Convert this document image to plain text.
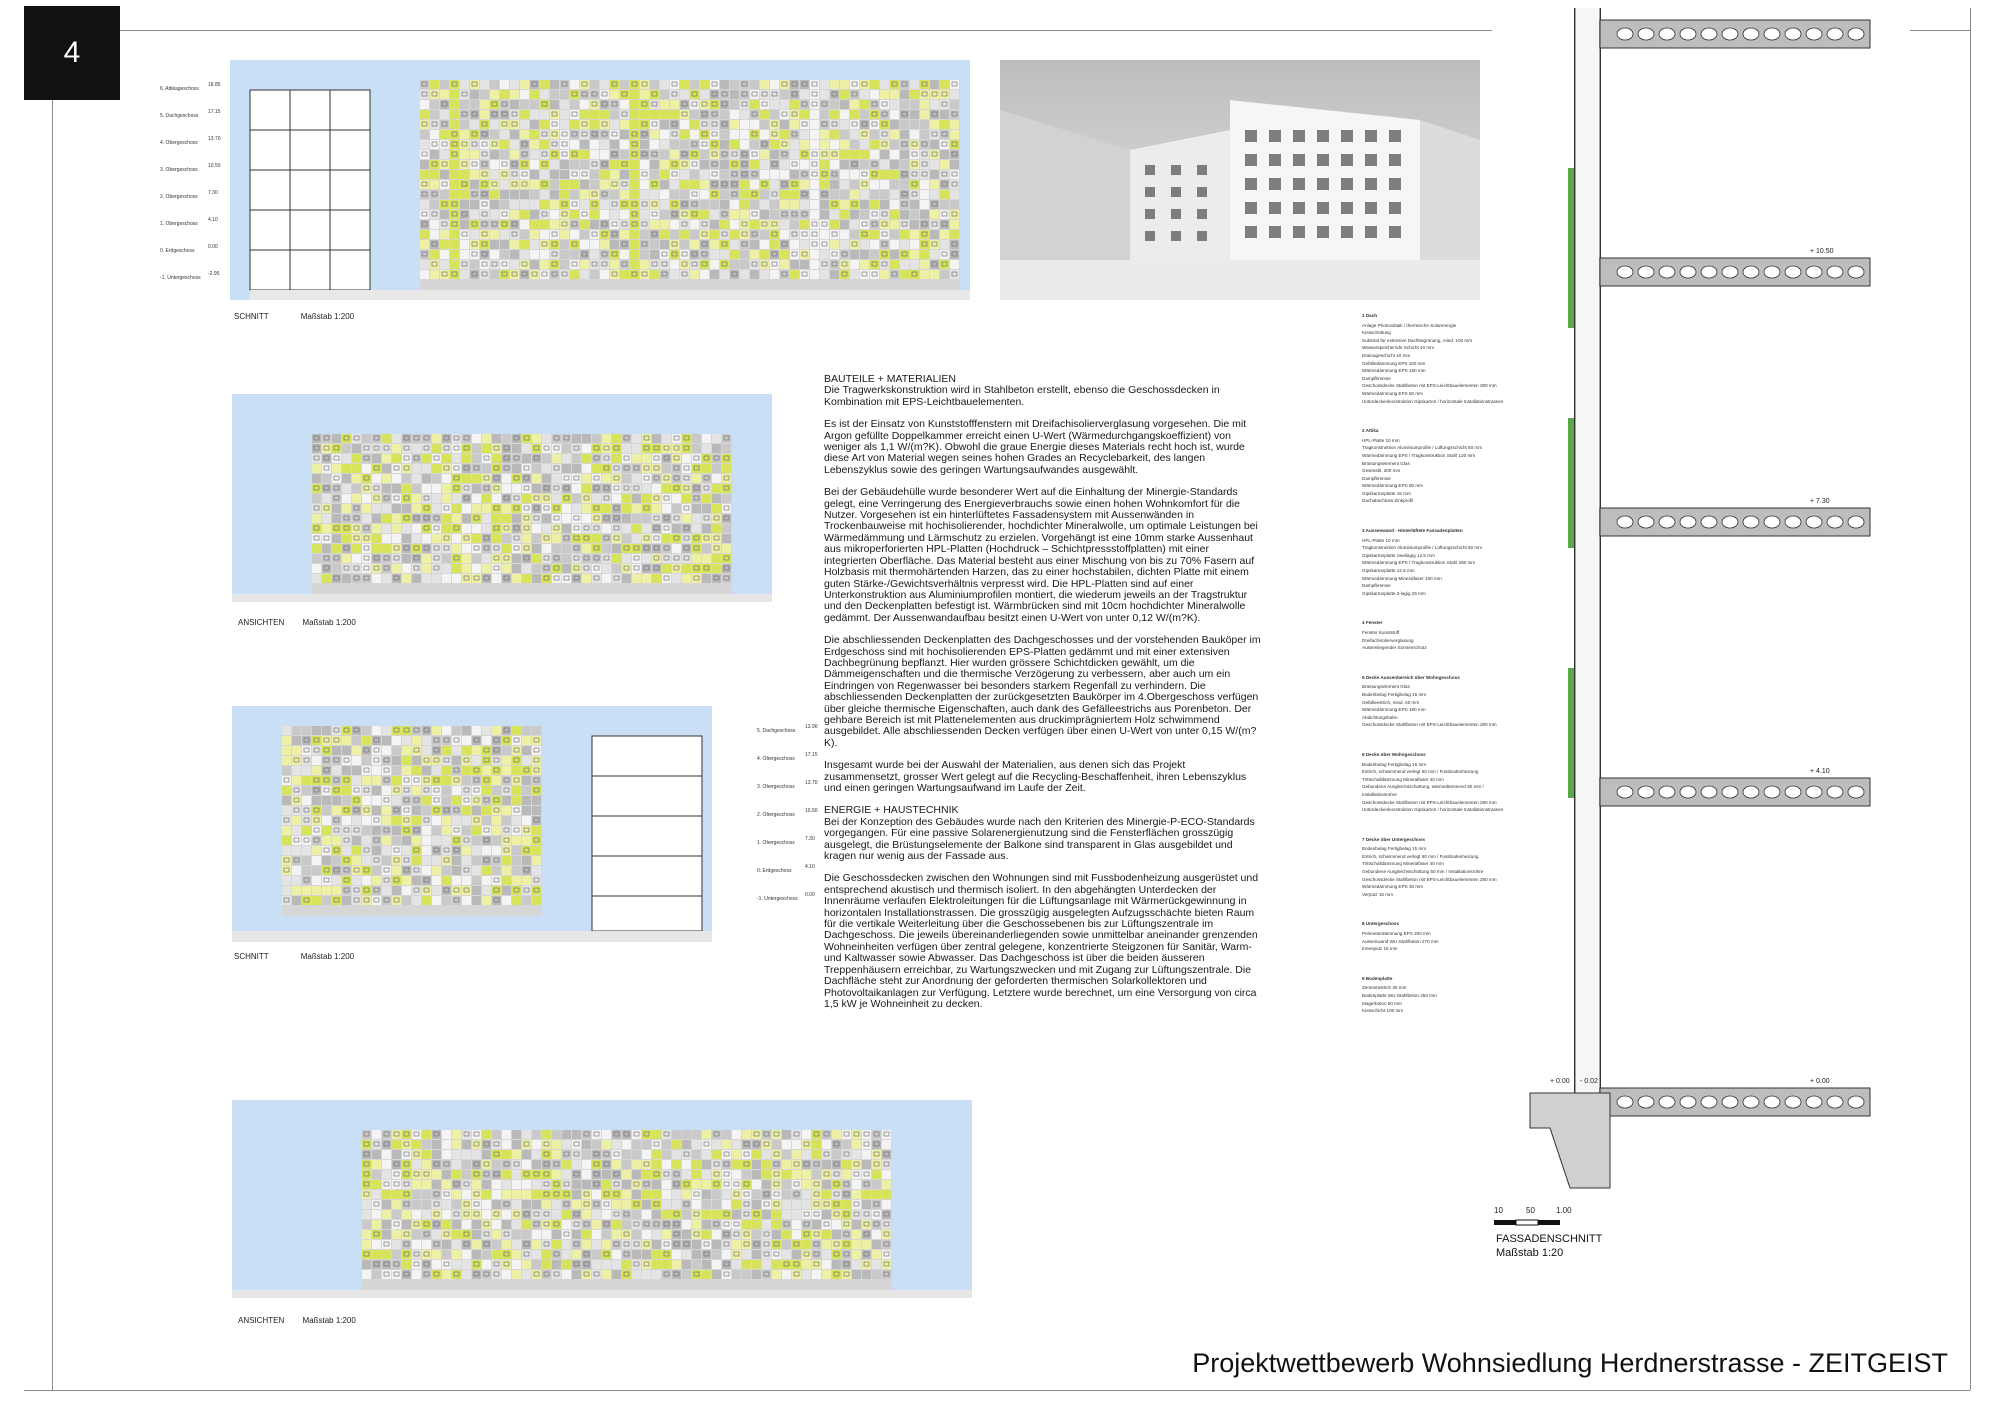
4
6. Attikageschoss
18.85
5. Dachgeschoss
17.15
4. Obergeschoss
13.70
3. Obergeschoss
10.50
2. Obergeschoss
7.30
1. Obergeschoss
4.10
0. Erdgeschoss
0.00
-1. Untergeschoss
-2.95
SCHNITT	Maßstab 1:200
ANSICHTEN Maßstab 1:200
5. Dachgeschoss
13.90
4. Obergeschoss
17.15
3. Obergeschoss
13.70
2. Obergeschoss
10.50
1. Obergeschoss
7.30
0. Erdgeschoss
4.10
-1. Untergeschoss
0.00
SCHNITT	Maßstab 1:200
ANSICHTEN Maßstab 1:200
BAUTEILE + MATERIALIEN

Die Tragwerkskonstruktion wird in Stahlbeton erstellt, ebenso die Geschossdecken in Kombination mit EPS-Leichtbauelementen.

Es ist der Einsatz von Kunststofffenstern mit Dreifachisolierverglasung vorgesehen. Die mit Argon gefüllte Doppelkammer erreicht einen U-Wert (Wärmedurchgangskoeffizient) von weniger als 1,1 W/(m?K). Obwohl die graue Energie dieses Materials recht hoch ist, wurde diese Art von Material wegen seines hohen Grades an Recyclebarkeit, des langen Lebenszyklus sowie des geringen Wartungsaufwandes ausgewählt.

Bei der Gebäudehülle wurde besonderer Wert auf die Einhaltung der Minergie-Standards gelegt, eine Verringerung des Energieverbrauchs sowie einen hohen Wohnkomfort für die Nutzer. Vorgesehen ist ein hinterlüftetes Fassadensystem mit Aussenwänden in Trockenbauweise mit hochisolierender, hochdichter Mineralwolle, um optimale Leistungen bei Wärmedämmung und Lärmschutz zu erzielen. Vorgehängt ist eine 10mm starke Aussenhaut aus mikroperforierten HPL-Platten (Hochdruck – Schichtpressstoffplatten) mit einer integrierten Oberfläche. Das Material besteht aus einer Mischung von bis zu 70% Fasern auf Holzbasis mit thermohärtenden Harzen, das zu einer hochstabilen, dichten Platte mit einem guten Stärke-/Gewichtsverhältnis verpresst wird. Die HPL-Platten sind auf einer Unterkonstruktion aus Aluminiumprofilen montiert, die wiederum jeweils an der Tragstruktur und den Deckenplatten befestigt ist. Wärmbrücken sind mit 10cm hochdichter Mineralwolle gedämmt. Der Aussenwandaufbau besitzt einen U-Wert von unter 0,12 W/(m?K).

Die abschliessenden Deckenplatten des Dachgeschosses und der vorstehenden Bauköper im Erdgeschoss sind mit hochisolierenden EPS-Platten gedämmt und mit einer extensiven Dachbegrünung bepflanzt. Hier wurden grössere Schichtdicken gewählt, um die Dämmeigenschaften und die thermische Verzögerung zu verbessern, aber auch um ein Eindringen von Regenwasser bei besonders starkem Regenfall zu verhindern. Die abschliessenden Deckenplatten der zurückgesetzten Baukörper im 4.Obergeschoss verfügen über gleiche thermische Eigenschaften, auch dank des Gefälleestrichs aus Porenbeton. Der gehbare Bereich ist mit Plattenelementen aus druckimprägniertem Holz schwimmend ausgebildet. Alle abschliessenden Decken verfügen über einen U-Wert von unter 0,15 W/(m?K).

Insgesamt wurde bei der Auswahl der Materialien, aus denen sich das Projekt zusammensetzt, grosser Wert gelegt auf die Recycling-Beschaffenheit, ihren Lebenszyklus und einen geringen Wartungsaufwand im Laufe der Zeit.

ENERGIE + HAUSTECHNIK

Bei der Konzeption des Gebäudes wurde nach den Kriterien des Minergie-P-ECO-Standards vorgegangen. Für eine passive Solarenergienutzung sind die Fensterflächen grosszügig ausgelegt, die Brüstungselemente der Balkone sind transparent in Glas ausgebildet und kragen nur wenig aus der Fassade aus.

Die Geschossdecken zwischen den Wohnungen sind mit Fussbodenheizung ausgerüstet und entsprechend akustisch und thermisch isoliert. In den abgehängten Unterdecken der Innenräume verlaufen Elektroleitungen für die Lüftungsanlage mit Wärmerückgewinnung in horizontalen Installationstrassen. Die grosszügig ausgelegten Aufzugsschächte bieten Raum für die vertikale Weiterleitung über die Geschossebenen bis zur Lüftungszentrale im Dachgeschoss. Die jeweils übereinanderliegenden sowie unmittelbar aneinander grenzenden Wohneinheiten verfügen über zentral gelegene, konzentrierte Steigzonen für Sanitär, Warm- und Kaltwasser sowie Abwasser. Das Dachgeschoss ist über die beiden äusseren Treppenhäusern erreichbar, zu Wartungszwecken und mit Zugang zur Lüftungszentrale. Die Dachfläche steht zur Anordnung der geforderten thermischen Solarkollektoren und Photovoltaikanlagen zur Verfügung. Letztere wurde berechnet, um eine Versorgung von circa 1,5 kW je Wohneinheit zu decken.

1 Dach
Anlage Photovoltaik / thermische Solarenergie
Kiesschüttung
Substrat für extensive Dachbegrünung, mind. 100 mm
Wasserspeichernde Schicht 40 mm
Drainageschicht 10 mm
Gefälledämmung EPS 100 mm
Wärmedämmung EPS 160 mm
Dampfbremse
Geschossdecke Stahlbeton mit EPS-Leichtbauelementen 280 mm
Wärmedämmung EPS 50 mm
Unterdeckenkonstruktion Gipskarton / horizontale Installationstrassen
2 Attika
HPL-Platte 10 mm
Tragkonstruktion Aluminiumprofile / Lüftungsschicht 60 mm
Wärmedämmung EPS / Tragkonstruktion Stahl 120 mm
Brüstungselement Glas
Gesimsbl. 200 mm
Dampfbremse
Wärmedämmung EPS 60 mm
Gipskartonplatte 15 mm
Dachabschluss Zinkprofil
3 Aussenwand - Hinterlüftete Fassadenplatten
HPL-Platte 10 mm
Tragkonstruktion Aluminiumprofile / Lüftungsschicht 60 mm
Gipskartonplatte zweilagig 12,5 mm
Wärmedämmung EPS / Tragkonstruktion Stahl 250 mm
Gipskartonplatte 12,5 mm
Wärmedämmung Mineralfaser 100 mm
Dampfbremse
Gipskartonplatte 2-lagig 25 mm
4 Fenster
Fenster Kunststoff
Dreifachisolierverglasung
Aussenliegender Sonnenschutz
5 Decke Aussenbereich über Wohngeschoss
Brüstungselement Glas
Bodenbelag Fertigbelag 15 mm
Gefälleestrich, mind. 60 mm
Wärmedämmung EPS 180 mm
Abdichtungsbahn
Geschossdecke Stahlbeton mit EPS-Leichtbauelementen 280 mm
6 Decke über Wohngeschoss
Bodenbelag Fertigbelag 15 mm
Estrich, schwimmend verlegt 60 mm / Fussbodenheizung
Trittschalldämmung Mineralfaser 40 mm
Gebundene Ausgleichsschüttung, wärmedämmend 50 mm / Installationsrohre
Geschossdecke Stahlbeton mit EPS-Leichtbauelementen 280 mm
Unterdeckenkonstruktion Gipskarton / horizontale Installationstrassen
7 Decke über Untergeschoss
Bodenbelag Fertigbelag 15 mm
Estrich, schwimmend verlegt 60 mm / Fussbodenheizung
Trittschalldämmung Mineralfaser 40 mm
Gebundene Ausgleichsschüttung 50 mm / Installationsrohre
Geschossdecke Stahlbeton mit EPS-Leichtbauelementen 280 mm
Wärmedämmung EPS 30 mm
Verputz 15 mm
8 Untergeschoss
Perimeterdämmung EPS 200 mm
Aussenwand WU-Stahlbeton 270 mm
Innenputz 15 mm
9 Bodenplatte
Zementestrich 30 mm
Bodenplatte WU-Stahlbeton 250 mm
Magerbeton 50 mm
Kiesschicht 100 mm
+ 10.50
+ 7.30
+ 4.10
+ 0.00
+ 0.00 - 0.02
10	50	1.00
FASSADENSCHNITT
Maßstab 1:20
Projektwettbewerb Wohnsiedlung Herdnerstrasse - ZEITGEIST
